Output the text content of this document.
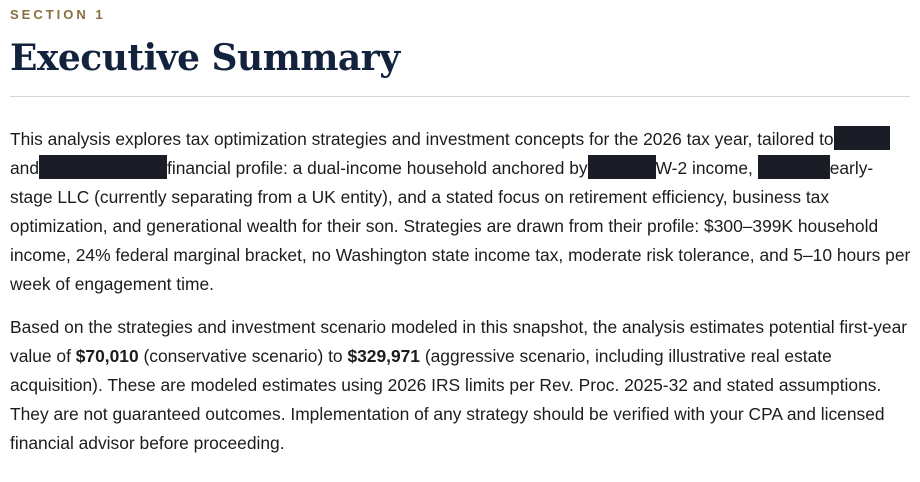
SECTION 1
Executive Summary

This analysis explores tax optimization strategies and investment concepts for the 2026 tax year, tailored toand	financial profile: a dual-income household anchored by	W-2 income,	early-stage LLC (currently separating from a UK entity), and a stated focus on retirement efficiency, business tax optimization, and generational wealth for their son. Strategies are drawn from their profile: $300–399K household income, 24% federal marginal bracket, no Washington state income tax, moderate risk tolerance, and 5–10 hours per week of engagement time.

Based on the strategies and investment scenario modeled in this snapshot, the analysis estimates potential first-year value of $70,010 (conservative scenario) to $329,971 (aggressive scenario, including illustrative real estate acquisition). These are modeled estimates using 2026 IRS limits per Rev. Proc. 2025-32 and stated assumptions. They are not guaranteed outcomes. Implementation of any strategy should be verified with your CPA and licensed financial advisor before proceeding.
